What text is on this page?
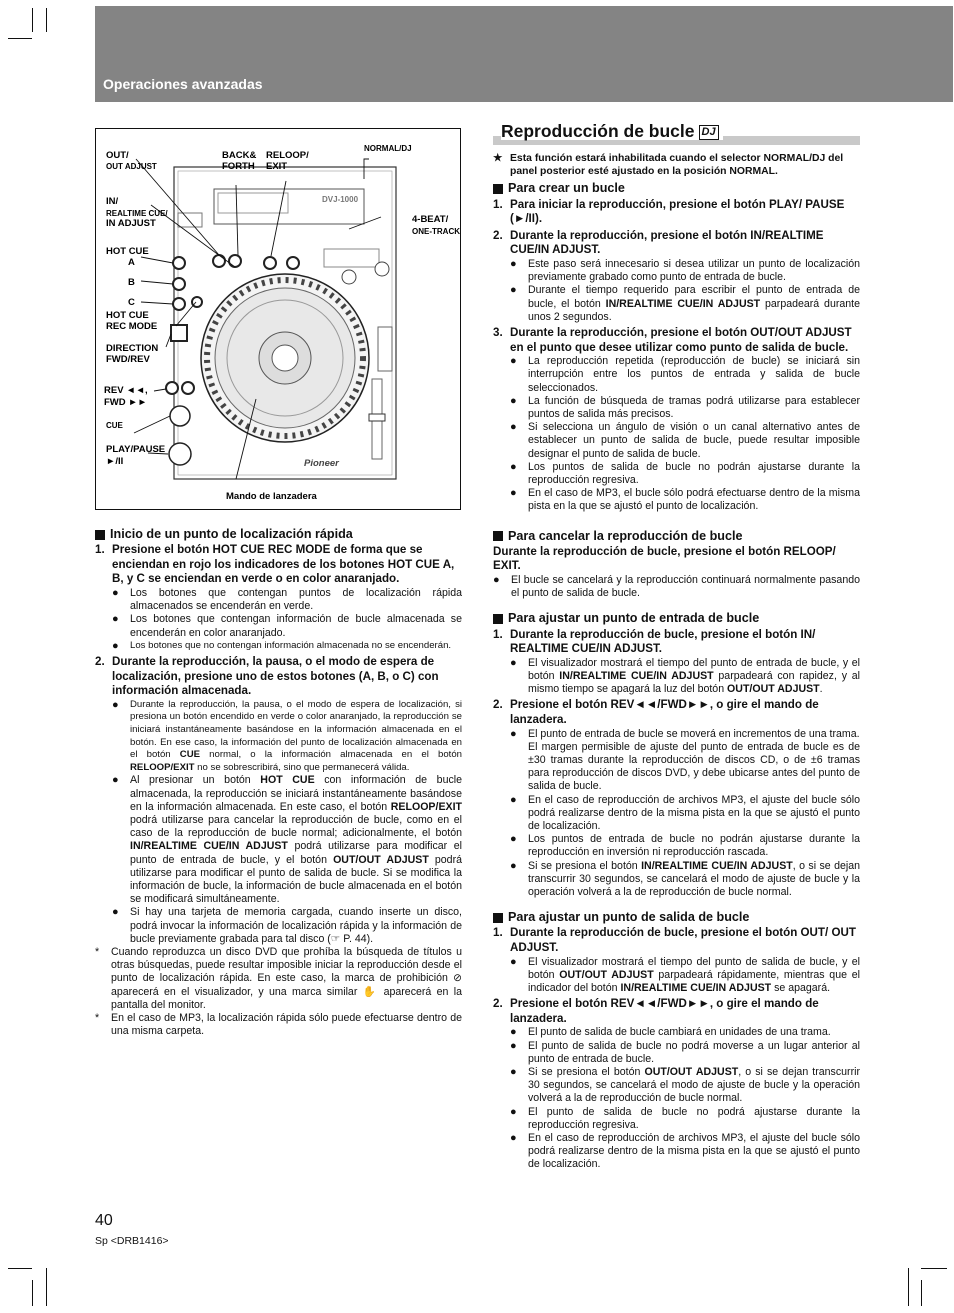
Operaciones avanzadas
OUT/
OUT ADJUST
BACK&
FORTH
RELOOP/
EXIT
NORMAL/DJ
IN/
REALTIME CUE/
IN ADJUST	4-BEAT/
ONE-TRACK
HOT CUE
A
B
C
HOT CUE
REC MODE
DIRECTION
FWD/REV
REV ◄◄,
FWD ►►
CUE
PLAY/PAUSE
►/II
Mando de lanzadera
DVJ-1000
Pioneer
Inicio de un punto de localización rápida
1. Presione el botón HOT CUE REC MODE de forma que se enciendan en rojo los indicadores de los botones HOT CUE A, B, y C se enciendan en verde o en color anaranjado.
●	Los botones que contengan puntos de localización rápida almacenados se encenderán en verde.
●	Los botones que contengan información de bucle almacenada se encenderán en color anaranjado.
●	Los botones que no contengan información almacenada no se encenderán.
2. Durante la reproducción, la pausa, o el modo de espera de localización, presione uno de estos botones (A, B, o C) con información almacenada.
●	Durante la reproducción, la pausa, o el modo de espera de localización, si presiona un botón encendido en verde o color anaranjado, la reproducción se iniciará instantáneamente basándose en la información almacenada en el botón. En ese caso, la información del punto de localización almacenada en el botón CUE normal, o la información almacenada en el botón RELOOP/EXIT no se sobrescribirá, sino que permanecerá válida.
●	Al presionar un botón HOT CUE con información de bucle almacenada, la reproducción se iniciará instantáneamente basándose en la información almacenada. En este caso, el botón RELOOP/EXIT podrá utilizarse para cancelar la reproducción de bucle, como en el caso de la reproducción de bucle normal; adicionalmente, el botón IN/REALTIME CUE/IN ADJUST podrá utilizarse para modificar el punto de entrada de bucle, y el botón OUT/OUT ADJUST podrá utilizarse para modificar el punto de salida de bucle. Si se modifica la información de bucle, la información de bucle almacenada en el botón se modificará simultáneamente.
●	Si hay una tarjeta de memoria cargada, cuando inserte un disco, podrá invocar la información de localización rápida y la información de bucle previamente grabada para tal disco (☞ P. 44).
*	Cuando reproduzca un disco DVD que prohíba la búsqueda de títulos u otras búsquedas, puede resultar imposible iniciar la reproducción desde el punto de localización rápida. En este caso, la marca de prohibición ⊘ aparecerá en el visualizador, y una marca similar ✋ aparecerá en la pantalla del monitor.
*	En el caso de MP3, la localización rápida sólo puede efectuarse dentro de una misma carpeta.
Reproducción de bucle DJ
★ Esta función estará inhabilitada cuando el selector NORMAL/DJ del panel posterior esté ajustado en la posición NORMAL.
Para crear un bucle
1. Para iniciar la reproducción, presione el botón PLAY/ PAUSE (►/II).
2. Durante la reproducción, presione el botón IN/REALTIME CUE/IN ADJUST.
●	Este paso será innecesario si desea utilizar un punto de localización previamente grabado como punto de entrada de bucle.
●	Durante el tiempo requerido para escribir el punto de entrada de bucle, el botón IN/REALTIME CUE/IN ADJUST parpadeará durante unos 2 segundos.
3. Durante la reproducción, presione el botón OUT/OUT ADJUST en el punto que desee utilizar como punto de salida de bucle.
●	La reproducción repetida (reproducción de bucle) se iniciará sin interrupción entre los puntos de entrada y salida de bucle seleccionados.
●	La función de búsqueda de tramas podrá utilizarse para establecer puntos de salida más precisos.
●	Si selecciona un ángulo de visión o un canal alternativo antes de establecer un punto de salida de bucle, puede resultar imposible designar el punto de salida de bucle.
●	Los puntos de salida de bucle no podrán ajustarse durante la reproducción regresiva.
●	En el caso de MP3, el bucle sólo podrá efectuarse dentro de la misma pista en la que se ajustó el punto de localización.
Para cancelar la reproducción de bucle
Durante la reproducción de bucle, presione el botón RELOOP/ EXIT.
●	El bucle se cancelará y la reproducción continuará normalmente pasando el punto de salida de bucle.
Para ajustar un punto de entrada de bucle
1. Durante la reproducción de bucle, presione el botón IN/ REALTIME CUE/IN ADJUST.
●	El visualizador mostrará el tiempo del punto de entrada de bucle, y el botón IN/REALTIME CUE/IN ADJUST parpadeará con rapidez, y al mismo tiempo se apagará la luz del botón OUT/OUT ADJUST.
2. Presione el botón REV◄◄/FWD►►, o gire el mando de lanzadera.
●	El punto de entrada de bucle se moverá en incrementos de una trama.
El margen permisible de ajuste del punto de entrada de bucle es de ±30 tramas durante la reproducción de discos CD, o de ±6 tramas para reproducción de discos DVD, y debe ubicarse antes del punto de salida de bucle.
●	En el caso de reproducción de archivos MP3, el ajuste del bucle sólo podrá realizarse dentro de la misma pista en la que se ajustó el punto de localización.
●	Los puntos de entrada de bucle no podrán ajustarse durante la reproducción en inversión ni reproducción rascada.
●	Si se presiona el botón IN/REALTIME CUE/IN ADJUST, o si se dejan transcurrir 30 segundos, se cancelará el modo de ajuste de bucle y la operación volverá a la de reproducción de bucle normal.
Para ajustar un punto de salida de bucle
1. Durante la reproducción de bucle, presione el botón OUT/ OUT ADJUST.
●	El visualizador mostrará el tiempo del punto de salida de bucle, y el botón OUT/OUT ADJUST parpadeará rápidamente, mientras que el indicador del botón IN/REALTIME CUE/IN ADJUST se apagará.
2. Presione el botón REV◄◄/FWD►►, o gire el mando de lanzadera.
●	El punto de salida de bucle cambiará en unidades de una trama.
●	El punto de salida de bucle no podrá moverse a un lugar anterior al punto de entrada de bucle.
●	Si se presiona el botón OUT/OUT ADJUST, o si se dejan transcurrir 30 segundos, se cancelará el modo de ajuste de bucle y la operación volverá a la de reproducción de bucle normal.
●	El punto de salida de bucle no podrá ajustarse durante la reproducción regresiva.
●	En el caso de reproducción de archivos MP3, el ajuste del bucle sólo podrá realizarse dentro de la misma pista en la que se ajustó el punto de localización.
40
Sp <DRB1416>
